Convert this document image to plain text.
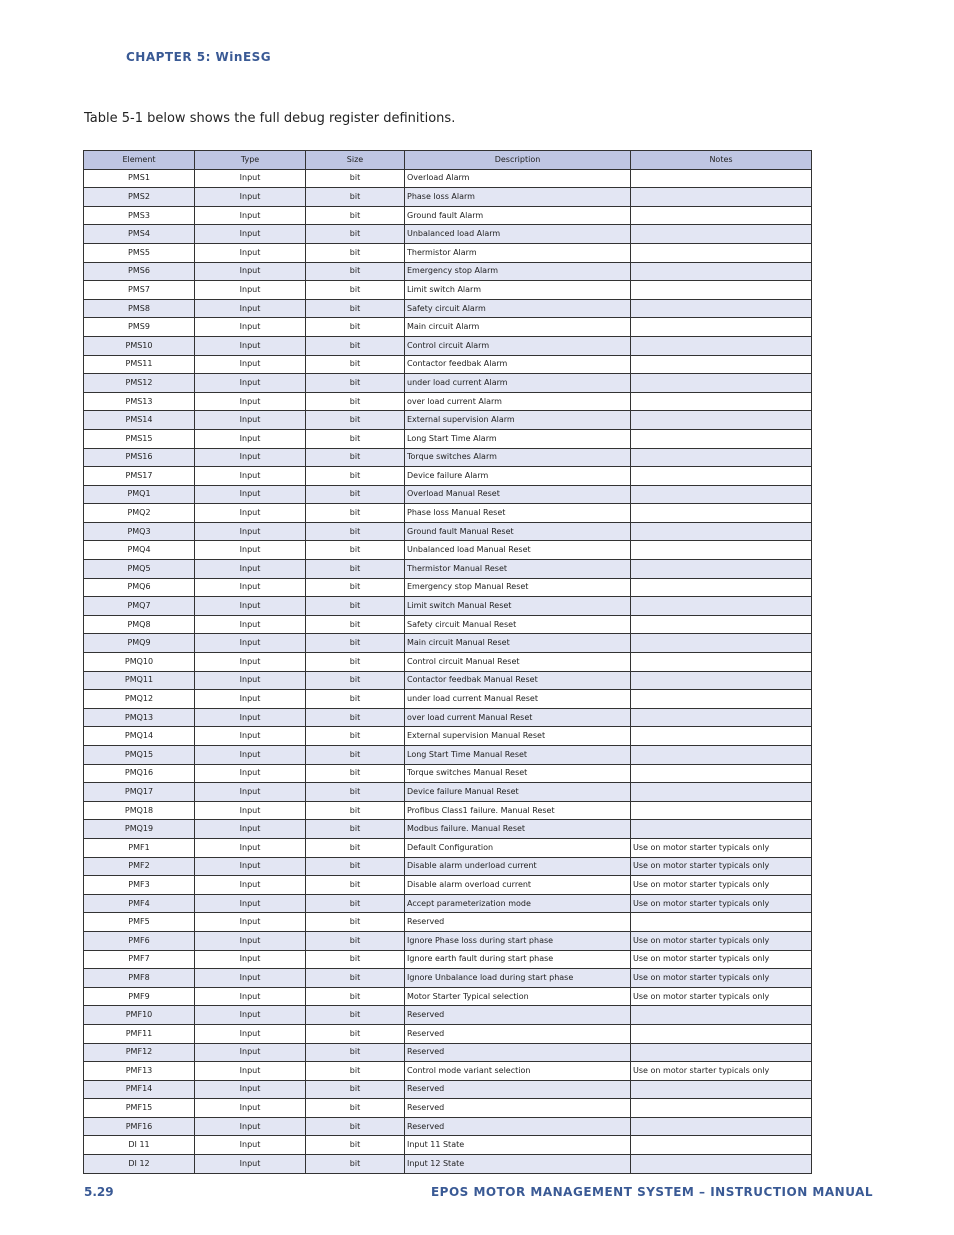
CHAPTER 5: WinESG
Table 5-1 below shows the full debug register definitions.
Element	Type	Size	Description	Notes
PMS1	Input	bit	Overload Alarm	
PMS2	Input	bit	Phase loss Alarm	
PMS3	Input	bit	Ground fault Alarm	
PMS4	Input	bit	Unbalanced load Alarm	
PMS5	Input	bit	Thermistor Alarm	
PMS6	Input	bit	Emergency stop Alarm	
PMS7	Input	bit	Limit switch Alarm	
PMS8	Input	bit	Safety circuit Alarm	
PMS9	Input	bit	Main circuit Alarm	
PMS10	Input	bit	Control circuit Alarm	
PMS11	Input	bit	Contactor feedbak Alarm	
PMS12	Input	bit	under load current Alarm	
PMS13	Input	bit	over load current Alarm	
PMS14	Input	bit	External supervision Alarm	
PMS15	Input	bit	Long Start Time Alarm	
PMS16	Input	bit	Torque switches Alarm	
PMS17	Input	bit	Device failure Alarm	
PMQ1	Input	bit	Overload Manual Reset	
PMQ2	Input	bit	Phase loss Manual Reset	
PMQ3	Input	bit	Ground fault Manual Reset	
PMQ4	Input	bit	Unbalanced load Manual Reset	
PMQ5	Input	bit	Thermistor Manual Reset	
PMQ6	Input	bit	Emergency stop Manual Reset	
PMQ7	Input	bit	Limit switch Manual Reset	
PMQ8	Input	bit	Safety circuit Manual Reset	
PMQ9	Input	bit	Main circuit Manual Reset	
PMQ10	Input	bit	Control circuit Manual Reset	
PMQ11	Input	bit	Contactor feedbak Manual Reset	
PMQ12	Input	bit	under load current Manual Reset	
PMQ13	Input	bit	over load current Manual Reset	
PMQ14	Input	bit	External supervision Manual Reset	
PMQ15	Input	bit	Long Start Time Manual Reset	
PMQ16	Input	bit	Torque switches Manual Reset	
PMQ17	Input	bit	Device failure Manual Reset	
PMQ18	Input	bit	Profibus Class1 failure. Manual Reset	
PMQ19	Input	bit	Modbus failure. Manual Reset	
PMF1	Input	bit	Default Configuration	Use on motor starter typicals only
PMF2	Input	bit	Disable alarm underload current	Use on motor starter typicals only
PMF3	Input	bit	Disable alarm overload current	Use on motor starter typicals only
PMF4	Input	bit	Accept parameterization mode	Use on motor starter typicals only
PMF5	Input	bit	Reserved	
PMF6	Input	bit	Ignore Phase loss during start phase	Use on motor starter typicals only
PMF7	Input	bit	Ignore earth fault during start phase	Use on motor starter typicals only
PMF8	Input	bit	Ignore Unbalance load during start phase	Use on motor starter typicals only
PMF9	Input	bit	Motor Starter Typical selection	Use on motor starter typicals only
PMF10	Input	bit	Reserved	
PMF11	Input	bit	Reserved	
PMF12	Input	bit	Reserved	
PMF13	Input	bit	Control mode variant selection	Use on motor starter typicals only
PMF14	Input	bit	Reserved	
PMF15	Input	bit	Reserved	
PMF16	Input	bit	Reserved	
DI 11	Input	bit	Input 11 State	
DI 12	Input	bit	Input 12 State	
5.29	EPOS MOTOR MANAGEMENT SYSTEM – INSTRUCTION MANUAL
